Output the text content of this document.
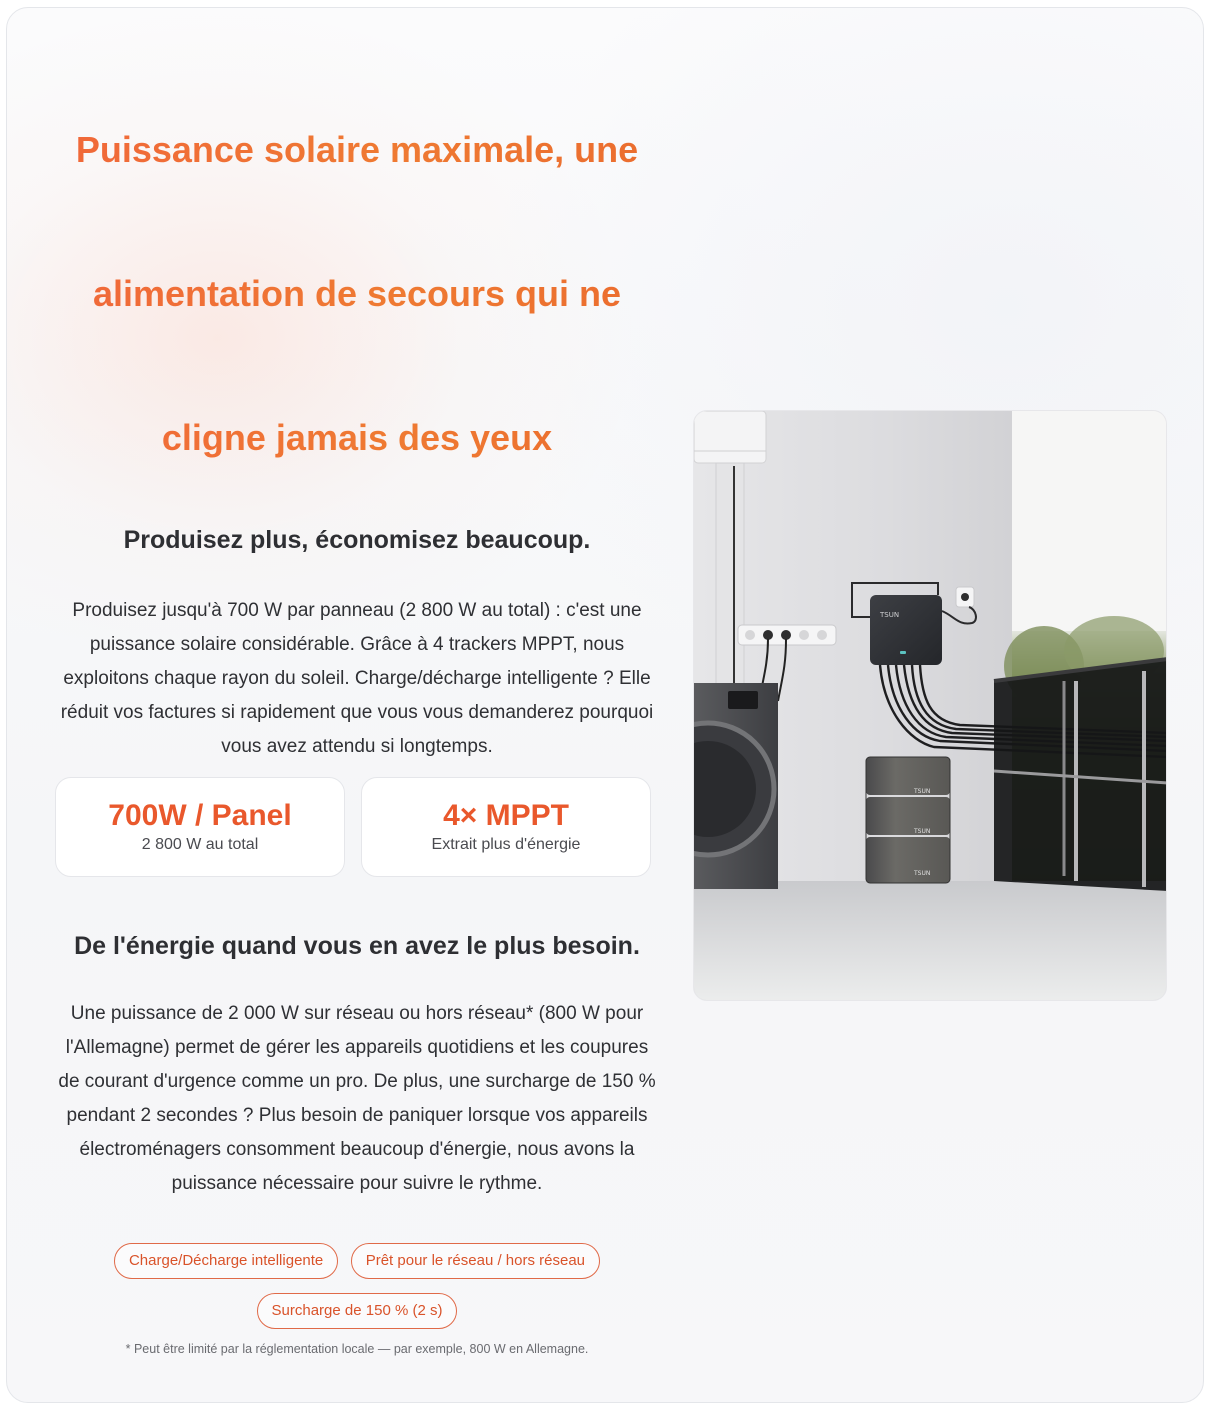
Puissance solaire maximale, une
alimentation de secours qui ne
cligne jamais des yeux
Produisez plus, économisez beaucoup.

Produisez jusqu'à 700 W par panneau (2 800 W au total) : c'est une puissance solaire considérable. Grâce à 4 trackers MPPT, nous exploitons chaque rayon du soleil. Charge/décharge intelligente ? Elle réduit vos factures si rapidement que vous vous demanderez pourquoi vous avez attendu si longtemps.

700W / Panel
2 800 W au total
4× MPPT
Extrait plus d'énergie
De l'énergie quand vous en avez le plus besoin.

Une puissance de 2 000 W sur réseau ou hors réseau* (800 W pour l'Allemagne) permet de gérer les appareils quotidiens et les coupures de courant d'urgence comme un pro. De plus, une surcharge de 150 % pendant 2 secondes ? Plus besoin de paniquer lorsque vos appareils électroménagers consomment beaucoup d'énergie, nous avons la puissance nécessaire pour suivre le rythme.

Charge/Décharge intelligente	Prêt pour le réseau / hors réseau
Surcharge de 150 % (2 s)

* Peut être limité par la réglementation locale — par exemple, 800 W en Allemagne.

TSUN
TSUN
TSUN
TSUN
